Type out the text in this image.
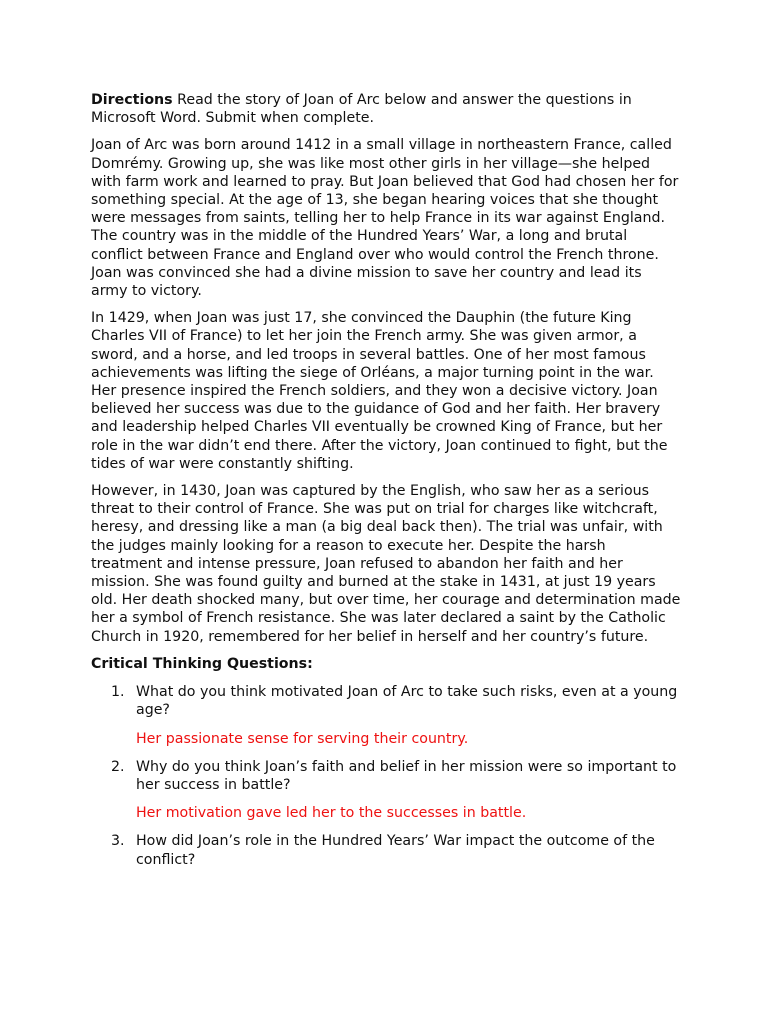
Directions Read the story of Joan of Arc below and answer the questions in Microsoft Word. Submit when complete.

Joan of Arc was born around 1412 in a small village in northeastern France, called Domrémy. Growing up, she was like most other girls in her village—she helped with farm work and learned to pray. But Joan believed that God had chosen her for something special. At the age of 13, she began hearing voices that she thought were messages from saints, telling her to help France in its war against England. The country was in the middle of the Hundred Years’ War, a long and brutal conflict between France and England over who would control the French throne. Joan was convinced she had a divine mission to save her country and lead its army to victory.

In 1429, when Joan was just 17, she convinced the Dauphin (the future King Charles VII of France) to let her join the French army. She was given armor, a sword, and a horse, and led troops in several battles. One of her most famous achievements was lifting the siege of Orléans, a major turning point in the war. Her presence inspired the French soldiers, and they won a decisive victory. Joan believed her success was due to the guidance of God and her faith. Her bravery and leadership helped Charles VII eventually be crowned King of France, but her role in the war didn’t end there. After the victory, Joan continued to fight, but the tides of war were constantly shifting.

However, in 1430, Joan was captured by the English, who saw her as a serious threat to their control of France. She was put on trial for charges like witchcraft, heresy, and dressing like a man (a big deal back then). The trial was unfair, with the judges mainly looking for a reason to execute her. Despite the harsh treatment and intense pressure, Joan refused to abandon her faith and her mission. She was found guilty and burned at the stake in 1431, at just 19 years old. Her death shocked many, but over time, her courage and determination made her a symbol of French resistance. She was later declared a saint by the Catholic Church in 1920, remembered for her belief in herself and her country’s future.

Critical Thinking Questions:

1. What do you think motivated Joan of Arc to take such risks, even at a young age?
Her passionate sense for serving their country.
2. Why do you think Joan’s faith and belief in her mission were so important to her success in battle?
Her motivation gave led her to the successes in battle.
3. How did Joan’s role in the Hundred Years’ War impact the outcome of the conflict?
